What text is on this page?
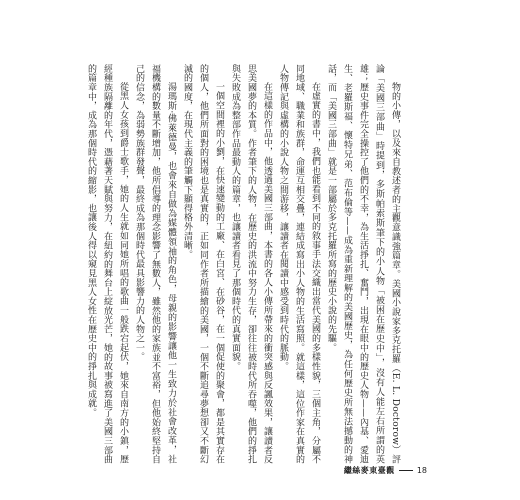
物的小傳，以及來自教述者的主觀意識強篇章。美國小說家多克托羅（E. L. Doctorow）評論「美國三部曲」時提到，多斯帕索斯筆下的小人物「被困在歷史中」，沒有人能左右所謂的英雄；歷史事件完全操控了他們的不幸，為生活掙扎、奮鬥，出現在眼中的歷史人物——內基、愛迪生、老羅斯福、懷特兄弟、范布倫等——成為重新理解的美國歷史，為任何歷史所無法撼動的神話，而「美國三部曲」就是一部屬於多克托羅所寫的歷史小說的先驅。

在虛實的書中，我們也能看到不同的敘事手法交織出當代美國的多樣性貌，三個主角，分屬不同地域、職業和族群，命運互相交疊，連結成寫出小人物的生活寫照。就這樣，這位作家在真實的人物傳記與虛構的小說人物之間游移，讓讀者在閱讀中感受到時代的脈動。

在這樣的作品中，他透過美國三部曲，本書的各人小傳所帶來的衝突感與反諷效果，讓讀者反思美國夢的本質。作者筆下的人物，在歷史的洪流中努力生存，卻往往被時代所吞噬，他們的掙扎與失敗成為整部作品最動人的篇章，也讓讀者看見了那個時代的真實面貌。

一個空間裡的小劉，在快速變動的工廠、在白宮、在砂谷，在一個促使的聚會，都是其實存在的個人，他們所面對的困境也是真實的，正如同作者所描繪的美國，一個不斷追尋夢想卻又不斷幻滅的國度，在現代主義的筆觸下顯得格外清晰。

湯瑪斯·佛萊德曼，也會來自做為媒體領袖的角色，母親的影響讓他一生致力於社會改革，社福機構的數量不斷增加，他所倡導的理念影響了無數人，雖然他的家族並不富裕，但他始終堅持自己的信念，為弱勢族群發聲，最終成為那個時代最具影響力的人物之一。

從黑人女孩到爵士歌手，她的人生就如同她所唱的歌曲一般跌宕起伏，她來自南方的小鎮，歷經種族隔離的年代，憑藉著天賦與努力，在紐約的舞台上綻放光芒，她的故事被寫進了美國三部曲的篇章中，成為那個時代的縮影，也讓後人得以窺見黑人女性在歷史中的掙扎與成就。

繼絲麥東臺觀	18
